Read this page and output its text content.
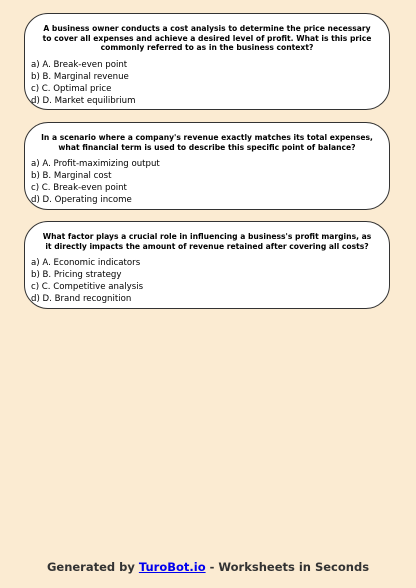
A business owner conducts a cost analysis to determine the price necessary to cover all expenses and achieve a desired level of profit. What is this price commonly referred to as in the business context?
a) A. Break-even point
b) B. Marginal revenue
c) C. Optimal price
d) D. Market equilibrium
In a scenario where a company's revenue exactly matches its total expenses, what financial term is used to describe this specific point of balance?
a) A. Profit-maximizing output
b) B. Marginal cost
c) C. Break-even point
d) D. Operating income
What factor plays a crucial role in influencing a business's profit margins, as it directly impacts the amount of revenue retained after covering all costs?
a) A. Economic indicators
b) B. Pricing strategy
c) C. Competitive analysis
d) D. Brand recognition
Generated by TuroBot.io - Worksheets in Seconds
